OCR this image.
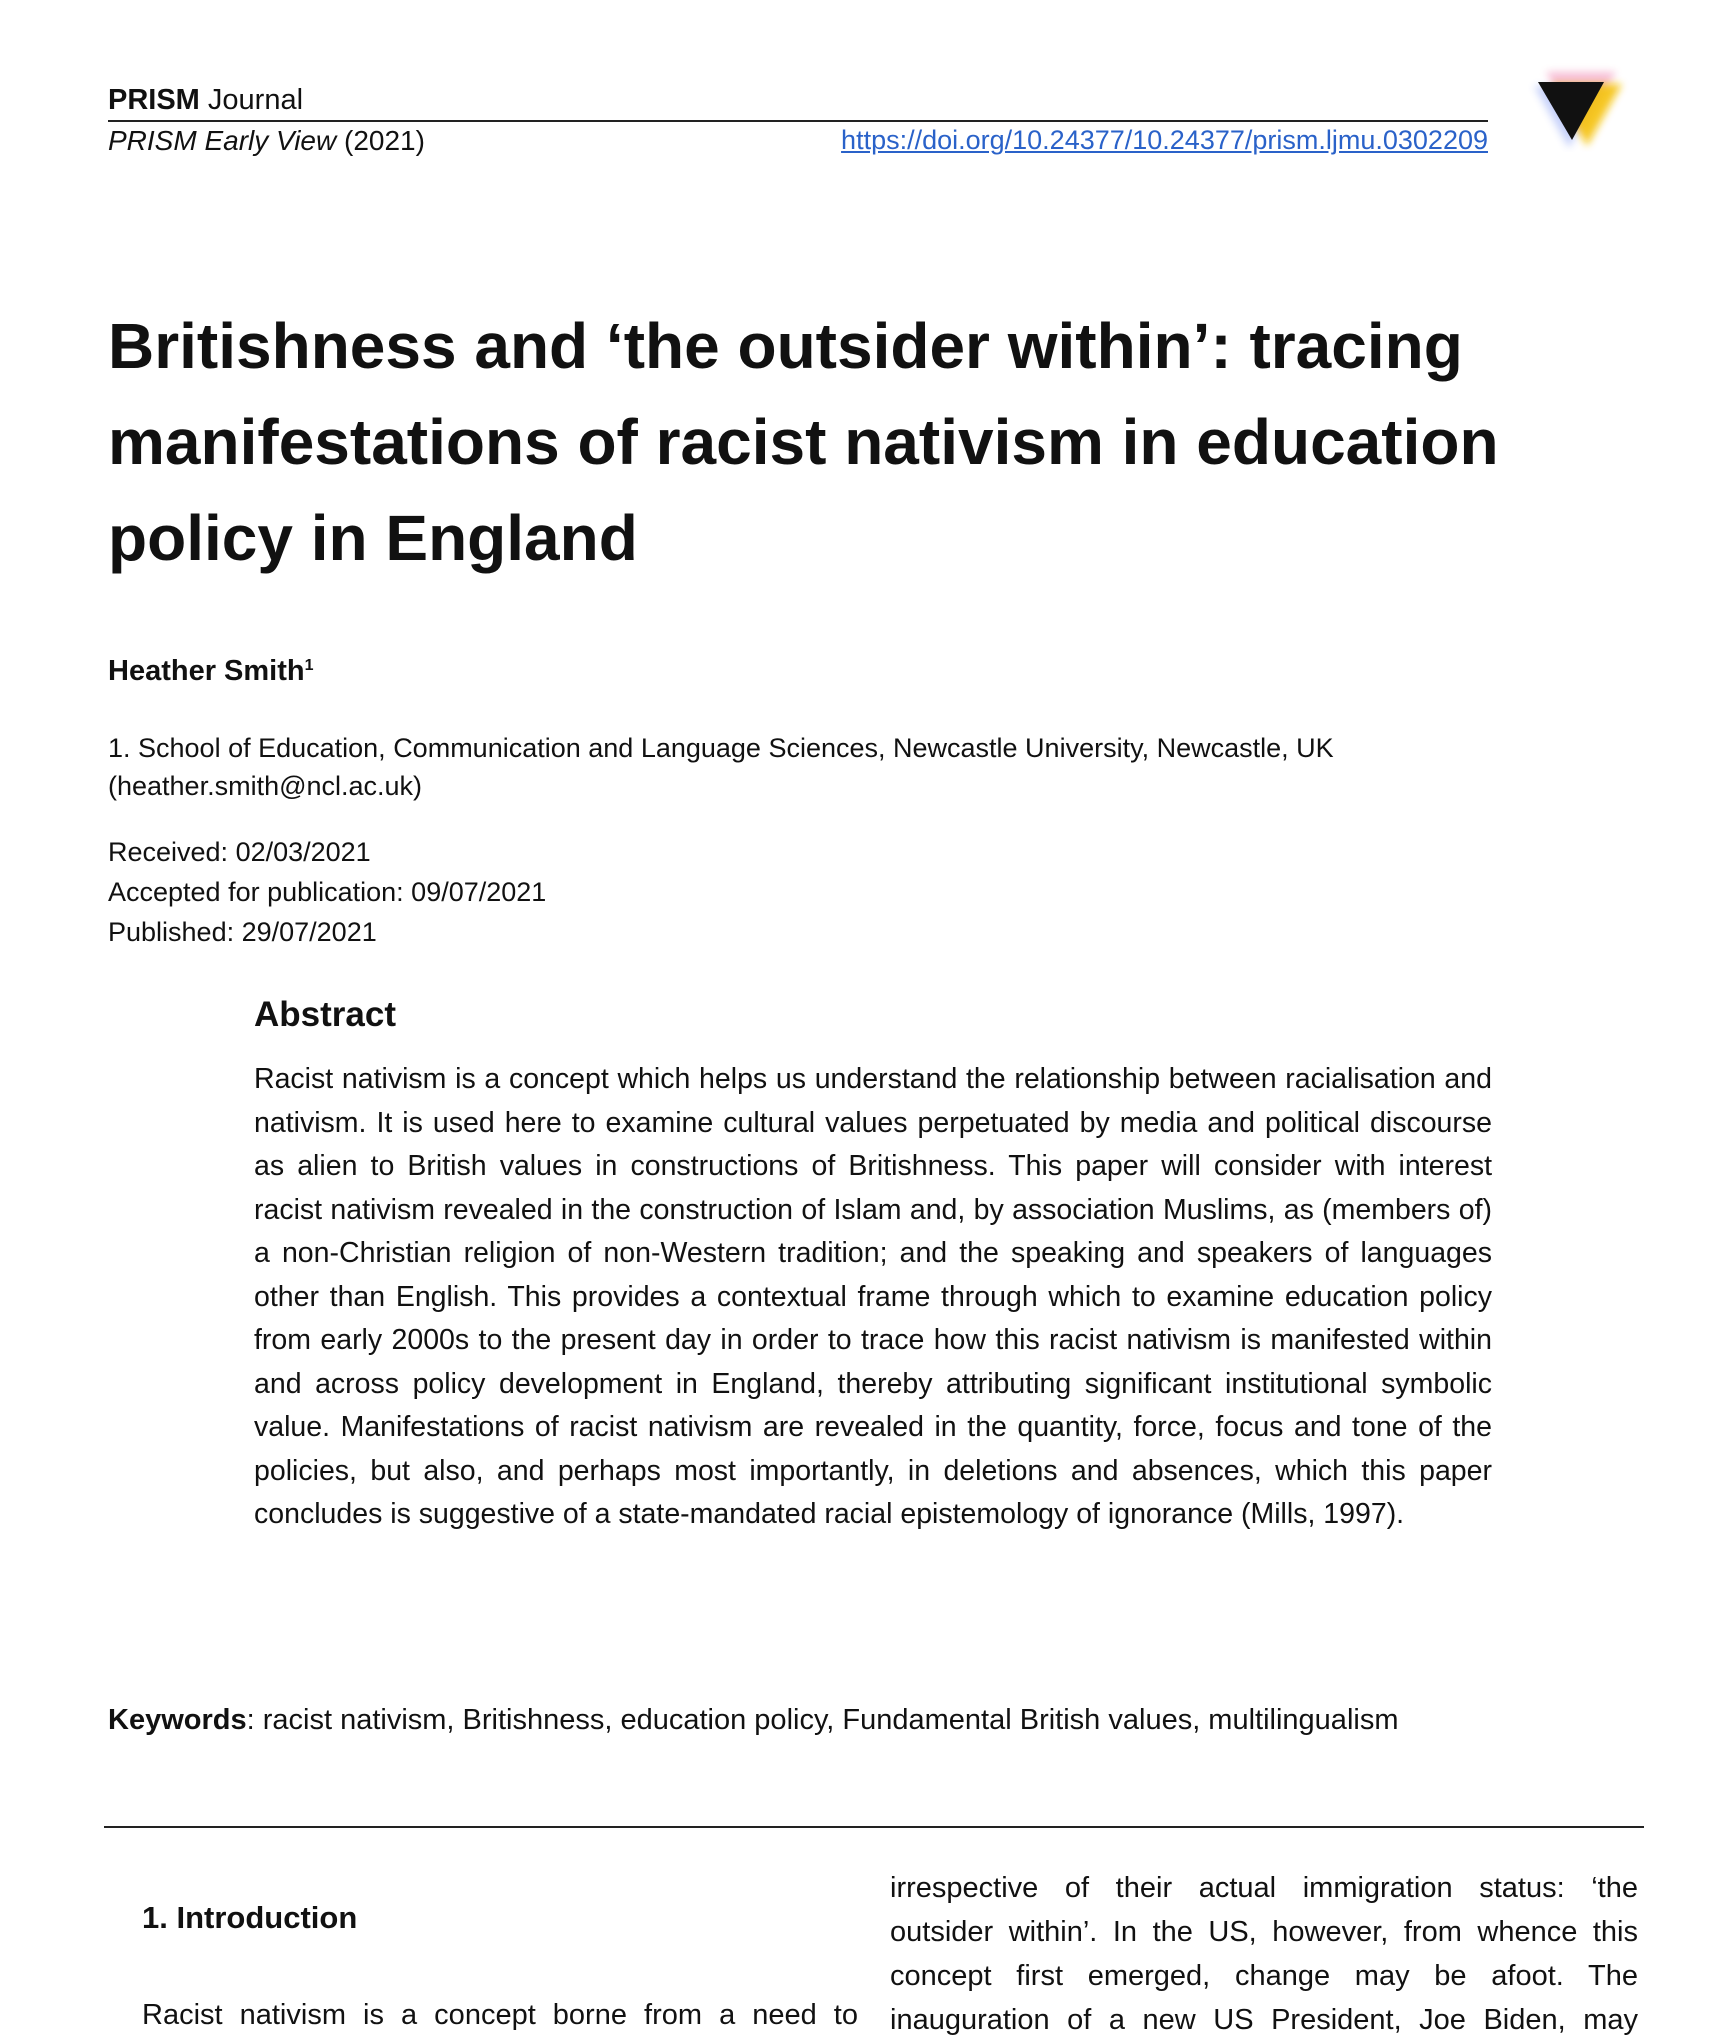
PRISM Journal
PRISM Early View (2021)	https://doi.org/10.24377/10.24377/prism.ljmu.0302209
Britishness and ‘the outsider within’: tracing manifestations of racist nativism in education policy in England
Heather Smith$^1$
1. School of Education, Communication and Language Sciences, Newcastle University, Newcastle, UK
(heather.smith@ncl.ac.uk)
Received: 02/03/2021
Accepted for publication: 09/07/2021
Published: 29/07/2021
Abstract

Racist nativism is a concept which helps us understand the relationship between racialisation and nativism. It is used here to examine cultural values perpetuated by media and political discourse as alien to British values in constructions of Britishness. This paper will consider with interest racist nativism revealed in the construction of Islam and, by association Muslims, as (members of) a non-Christian religion of non-Western tradition; and the speaking and speakers of languages other than English. This provides a contextual frame through which to examine education policy from early 2000s to the present day in order to trace how this racist nativism is manifested within and across policy development in England, thereby attributing significant institutional symbolic value. Manifestations of racist nativism are revealed in the quantity, force, focus and tone of the policies, but also, and perhaps most importantly, in deletions and absences, which this paper concludes is suggestive of a state-mandated racial epistemology of ignorance (Mills, 1997).

Keywords: racist nativism, Britishness, education policy, Fundamental British values, multilingualism
1. Introduction

Racist nativism is a concept borne from a need to

irrespective of their actual immigration status: ‘the
outsider within’. In the US, however, from whence this
concept first emerged, change may be afoot. The
inauguration of a new US President, Joe Biden, may
